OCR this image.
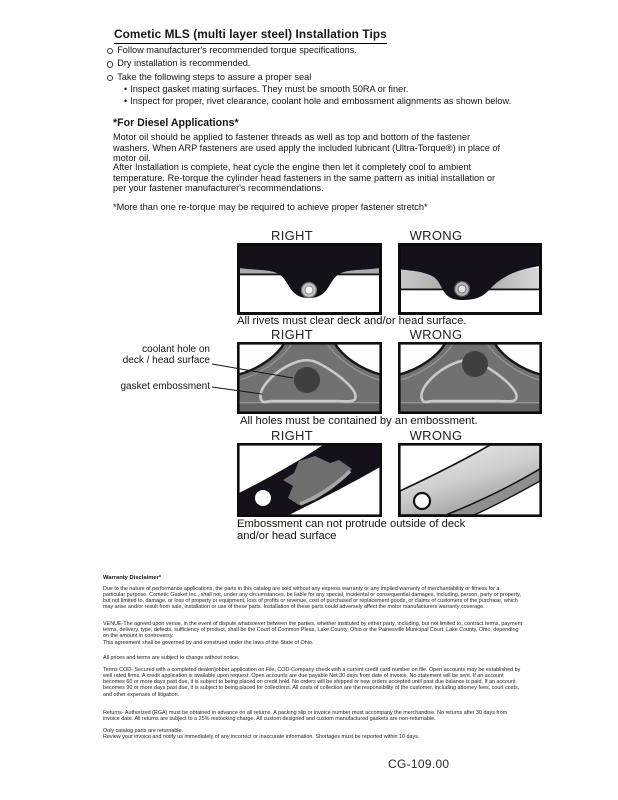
Cometic MLS (multi layer steel) Installation Tips
Follow manufacturer's recommended torque specifications.
Dry installation is recommended.
Take the following steps to assure a proper seal
• Inspect gasket mating surfaces. They must be smooth 50RA or finer.
• Inspect for proper, rivet clearance, coolant hole and embossment alignments as shown below.
*For Diesel Applications*
Motor oil should be applied to fastener threads as well as top and bottom of the fastener washers. When ARP fasteners are used apply the included lubricant (Ultra-Torque®) in place of motor oil.
After Installation is complete, heat cycle the engine then let it completely cool to ambient temperature. Re-torque the cylinder head fasteners in the same pattern as initial installation or per your fastener manufacturer's recommendations.
*More than one re-torque may be required to achieve proper fastener stretch*
RIGHT	WRONG
All rivets must clear deck and/or head surface.
RIGHT	WRONG
coolant hole on
deck / head surface
gasket embossment
All holes must be contained by an embossment.
RIGHT	WRONG
Embossment can not protrude outside of deck and/or head surface
Warranty Disclaimer*
Due to the nature of performance applications, the parts in this catalog are sold without any express warranty or any implied warranty of merchantability or fitness for a particular purpose. Cometic Gasket Inc., shall not, under any circumstances, be liable for any special, incidental or consequential damages, including, person, party or property, but not limited to, damage, or loss of property or equipment, loss of profits or revenue, cost of purchased or replacement goods, or claims of customers of the purchase, which may arise and/or result from sale, installation or use of these parts. Installation of these parts could adversely affect the motor manufacturers warranty coverage.
VENUE-The agreed upon venue, in the event of dispute whatsoever between the parties, whether instituted by either party, including, but not limited to, contract terms, payment terms, delivery, type, defects, sufficiency of product, shall be the Court of Common Pleas, Lake County, Ohio or the Painesville Municipal Court, Lake County, Ohio, depending on the amount in controversy.
This agreement shall be governed by and construed under the laws of the State of Ohio.
All prices and terms are subject to change without notice.
Terms COD- Secured with a completed dealer/jobber application on File, COD-Company check with a current credit card number on file. Open accounts may be established by well rated firms. A credit application is available upon request. Open accounts are due payable Net 30 days from date of invoice. No statement will be sent. If an account becomes 60 or more days past due, it is subject to being placed on credit hold. No orders will be shipped or new orders accepted until past due balance is paid. If an account becomes 90 or more days past due, it is subject to being placed for collections. All costs of collection are the responsibility of the customer, including attorney fees, court costs, and other expenses of litigation.
Returns- Authorized (RGA) must be obtained in advance on all returns. A packing slip or invoice number must accompany the merchandise. No returns after 30 days from invoice date. All returns are subject to a 25% restocking charge. All custom designed and custom manufactured gaskets are non-returnable.
Only catalog parts are returnable.
Review your invoice and notify us immediately of any incorrect or inaccurate information. Shortages must be reported within 10 days.
CG-109.00
